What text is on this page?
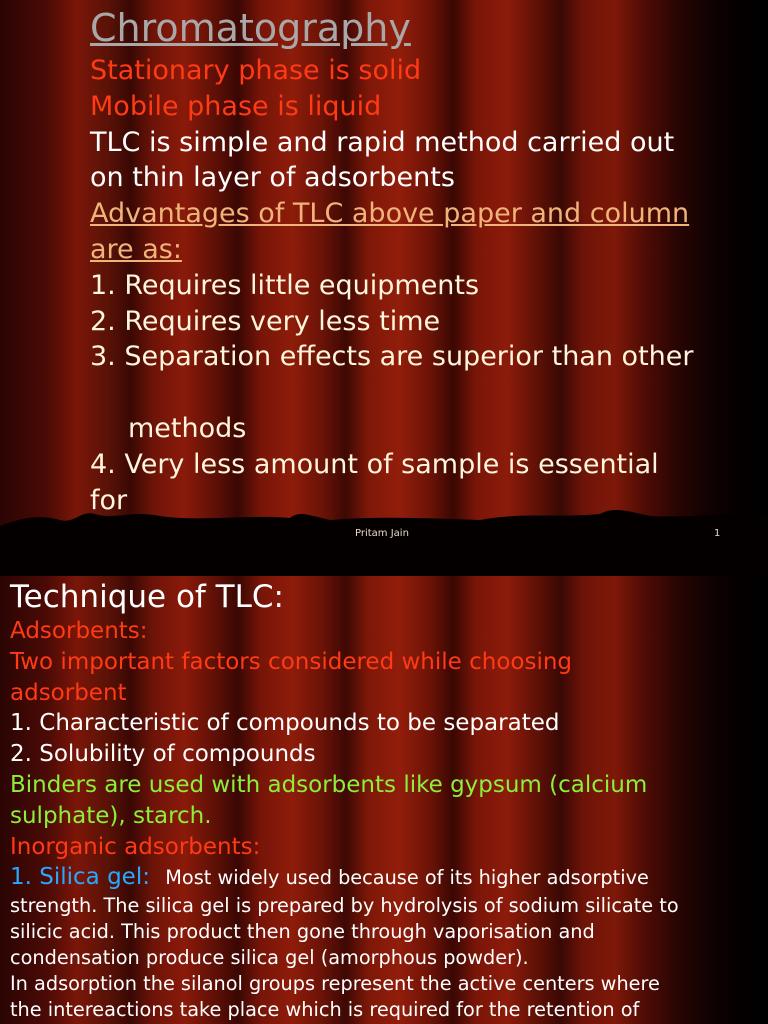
Chromatography
Stationary phase is solid
Mobile phase is liquid
TLC is simple and rapid method carried out
on thin layer of adsorbents
Advantages of TLC above paper and column
are as:
1. Requires little equipments
2. Requires very less time
3. Separation effects are superior than other

methods
4. Very less amount of sample is essential
for
Pritam Jain	1
Technique of TLC:
Adsorbents:
Two important factors considered while choosing
adsorbent
1. Characteristic of compounds to be separated
2. Solubility of compounds
Binders are used with adsorbents like gypsum (calcium
sulphate), starch.
Inorganic adsorbents:
1. Silica gel: Most widely used because of its higher adsorptive
strength. The silica gel is prepared by hydrolysis of sodium silicate to
silicic acid. This product then gone through vaporisation and
condensation produce silica gel (amorphous powder).
In adsorption the silanol groups represent the active centers where
the intereactions take place which is required for the retention of
